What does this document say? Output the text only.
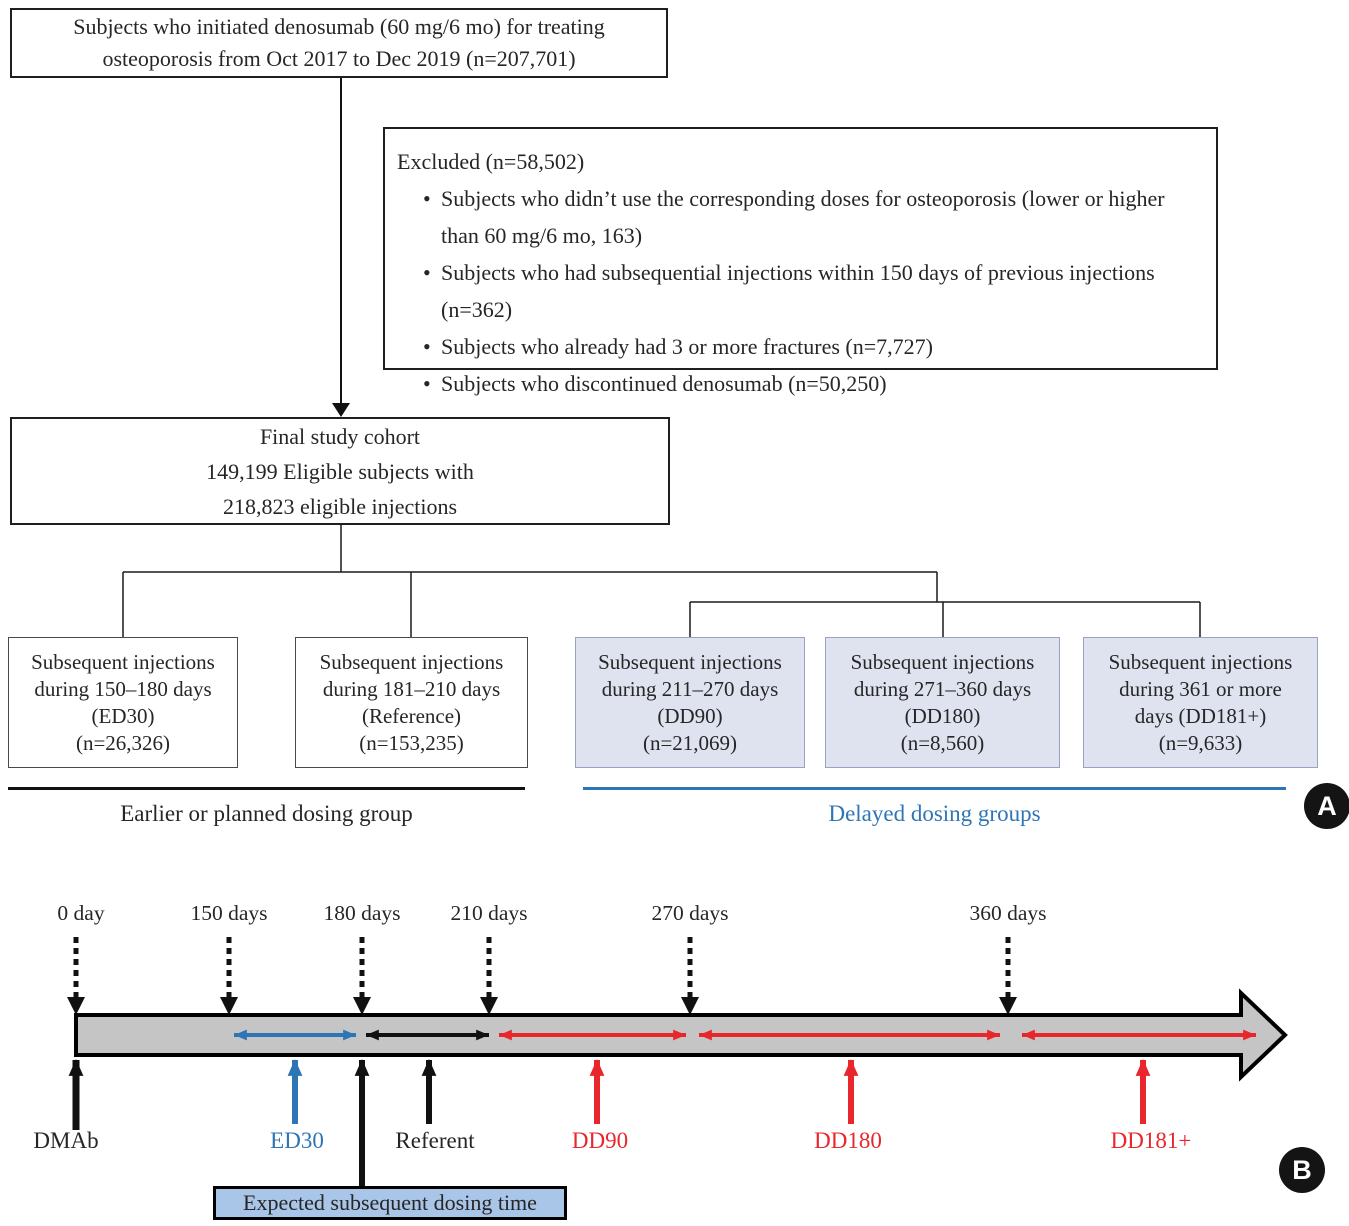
Subjects who initiated denosumab (60 mg/6 mo) for treating
osteoporosis from Oct 2017 to Dec 2019 (n=207,701)
Excluded (n=58,502)
• Subjects who didn’t use the corresponding doses for osteoporosis (lower or higher than 60 mg/6 mo, 163)
• Subjects who had subsequential injections within 150 days of previous injections (n=362)
• Subjects who already had 3 or more fractures (n=7,727)
• Subjects who discontinued denosumab (n=50,250)
Final study cohort
149,199 Eligible subjects with
218,823 eligible injections
Subsequent injections
during 150–180 days
(ED30)
(n=26,326)
Subsequent injections
during 181–210 days
(Reference)
(n=153,235)
Subsequent injections
during 211–270 days
(DD90)
(n=21,069)
Subsequent injections
during 271–360 days
(DD180)
(n=8,560)
Subsequent injections
during 361 or more
days (DD181+)
(n=9,633)
Earlier or planned dosing group	Delayed dosing groups	A
0 day	150 days	180 days 210 days	270 days	360 days
DMAb	ED30	Referent	DD90	DD180	DD181+
Expected subsequent dosing time
B
